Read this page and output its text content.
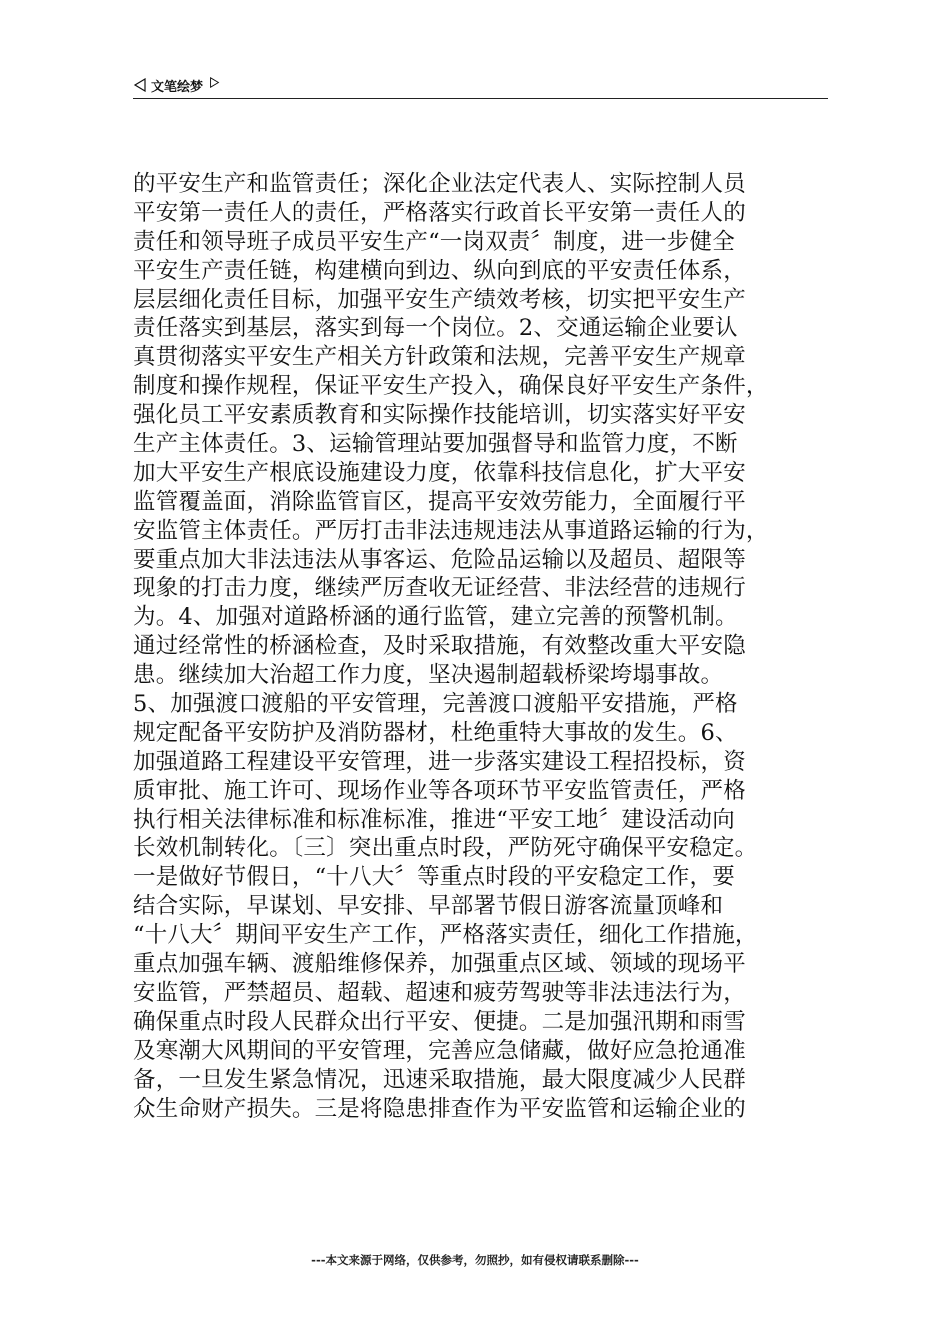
文笔绘梦
的平安生产和监管责任；深化企业法定代表人、实际控制人员
平安第一责任人的责任，严格落实行政首长平安第一责任人的
责任和领导班子成员平安生产“一岗双责〞制度，进一步健全
平安生产责任链，构建横向到边、纵向到底的平安责任体系，
层层细化责任目标，加强平安生产绩效考核，切实把平安生产
责任落实到基层，落实到每一个岗位。2、交通运输企业要认
真贯彻落实平安生产相关方针政策和法规，完善平安生产规章
制度和操作规程，保证平安生产投入，确保良好平安生产条件，
强化员工平安素质教育和实际操作技能培训，切实落实好平安
生产主体责任。3、运输管理站要加强督导和监管力度，不断
加大平安生产根底设施建设力度，依靠科技信息化，扩大平安
监管覆盖面，消除监管盲区，提高平安效劳能力，全面履行平
安监管主体责任。严厉打击非法违规违法从事道路运输的行为，
要重点加大非法违法从事客运、危险品运输以及超员、超限等
现象的打击力度，继续严厉查收无证经营、非法经营的违规行
为。4、加强对道路桥涵的通行监管，建立完善的预警机制。
通过经常性的桥涵检查，及时采取措施，有效整改重大平安隐
患。继续加大治超工作力度，坚决遏制超载桥梁垮塌事故。
5、加强渡口渡船的平安管理，完善渡口渡船平安措施，严格
规定配备平安防护及消防器材，杜绝重特大事故的发生。6、
加强道路工程建设平安管理，进一步落实建设工程招投标，资
质审批、施工许可、现场作业等各项环节平安监管责任，严格
执行相关法律标准和标准标准，推进“平安工地〞建设活动向
长效机制转化。〔三〕突出重点时段，严防死守确保平安稳定。
一是做好节假日，“十八大〞等重点时段的平安稳定工作，要
结合实际，早谋划、早安排、早部署节假日游客流量顶峰和
“十八大〞期间平安生产工作，严格落实责任，细化工作措施，
重点加强车辆、渡船维修保养，加强重点区域、领域的现场平
安监管，严禁超员、超载、超速和疲劳驾驶等非法违法行为，
确保重点时段人民群众出行平安、便捷。二是加强汛期和雨雪
及寒潮大风期间的平安管理，完善应急储藏，做好应急抢通准
备，一旦发生紧急情况，迅速采取措施，最大限度减少人民群
众生命财产损失。三是将隐患排查作为平安监管和运输企业的
---本文来源于网络，仅供参考，勿照抄，如有侵权请联系删除---
